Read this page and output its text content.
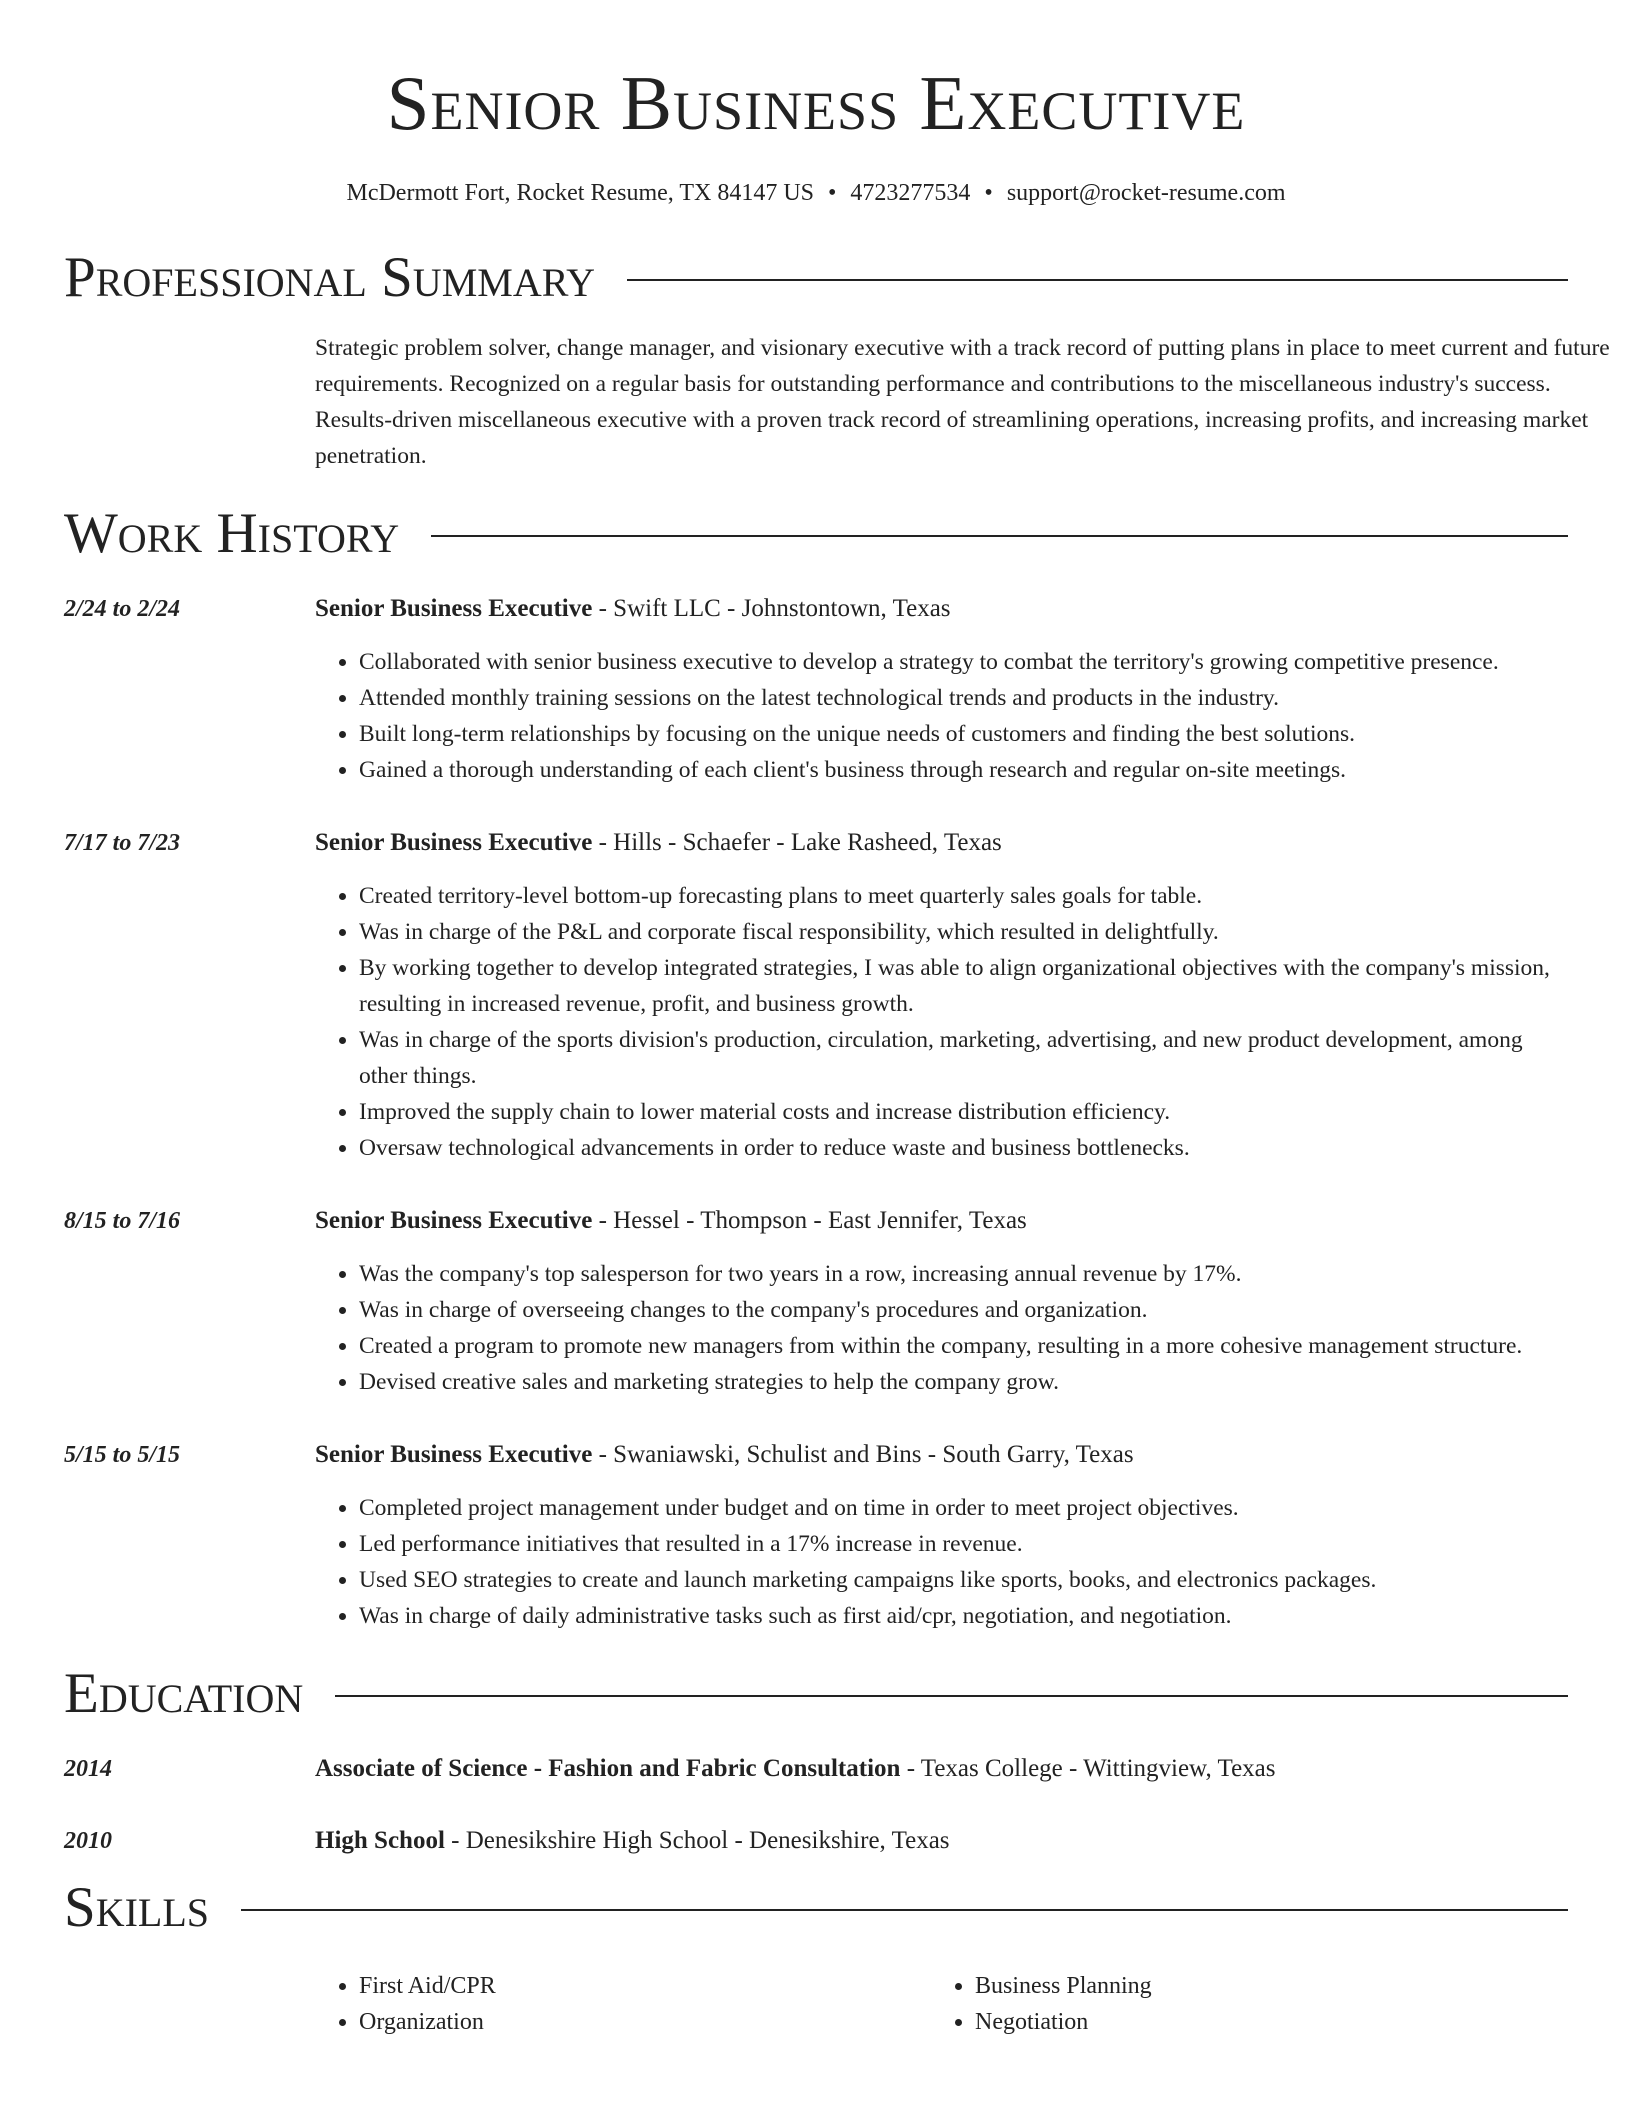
Senior Business Executive
McDermott Fort, Rocket Resume, TX 84147 US • 4723277534 • support@rocket-resume.com
Professional Summary
Strategic problem solver, change manager, and visionary executive with a track record of putting plans in place to meet current and future requirements. Recognized on a regular basis for outstanding performance and contributions to the miscellaneous industry's success. Results-driven miscellaneous executive with a proven track record of streamlining operations, increasing profits, and increasing market penetration.
Work History
2/24 to 2/24	Senior Business Executive - Swift LLC - Johnstontown, Texas
• Collaborated with senior business executive to develop a strategy to combat the territory's growing competitive presence.
• Attended monthly training sessions on the latest technological trends and products in the industry.
• Built long-term relationships by focusing on the unique needs of customers and finding the best solutions.
• Gained a thorough understanding of each client's business through research and regular on-site meetings.
7/17 to 7/23	Senior Business Executive - Hills - Schaefer - Lake Rasheed, Texas
• Created territory-level bottom-up forecasting plans to meet quarterly sales goals for table.
• Was in charge of the P&L and corporate fiscal responsibility, which resulted in delightfully.
• By working together to develop integrated strategies, I was able to align organizational objectives with the company's mission, resulting in increased revenue, profit, and business growth.
• Was in charge of the sports division's production, circulation, marketing, advertising, and new product development, among other things.
• Improved the supply chain to lower material costs and increase distribution efficiency.
• Oversaw technological advancements in order to reduce waste and business bottlenecks.
8/15 to 7/16	Senior Business Executive - Hessel - Thompson - East Jennifer, Texas
• Was the company's top salesperson for two years in a row, increasing annual revenue by 17%.
• Was in charge of overseeing changes to the company's procedures and organization.
• Created a program to promote new managers from within the company, resulting in a more cohesive management structure.
• Devised creative sales and marketing strategies to help the company grow.
5/15 to 5/15	Senior Business Executive - Swaniawski, Schulist and Bins - South Garry, Texas
• Completed project management under budget and on time in order to meet project objectives.
• Led performance initiatives that resulted in a 17% increase in revenue.
• Used SEO strategies to create and launch marketing campaigns like sports, books, and electronics packages.
• Was in charge of daily administrative tasks such as first aid/cpr, negotiation, and negotiation.
Education
2014	Associate of Science - Fashion and Fabric Consultation - Texas College - Wittingview, Texas
2010	High School - Denesikshire High School - Denesikshire, Texas
Skills
• First Aid/CPR
• Organization
• Business Planning
• Negotiation
